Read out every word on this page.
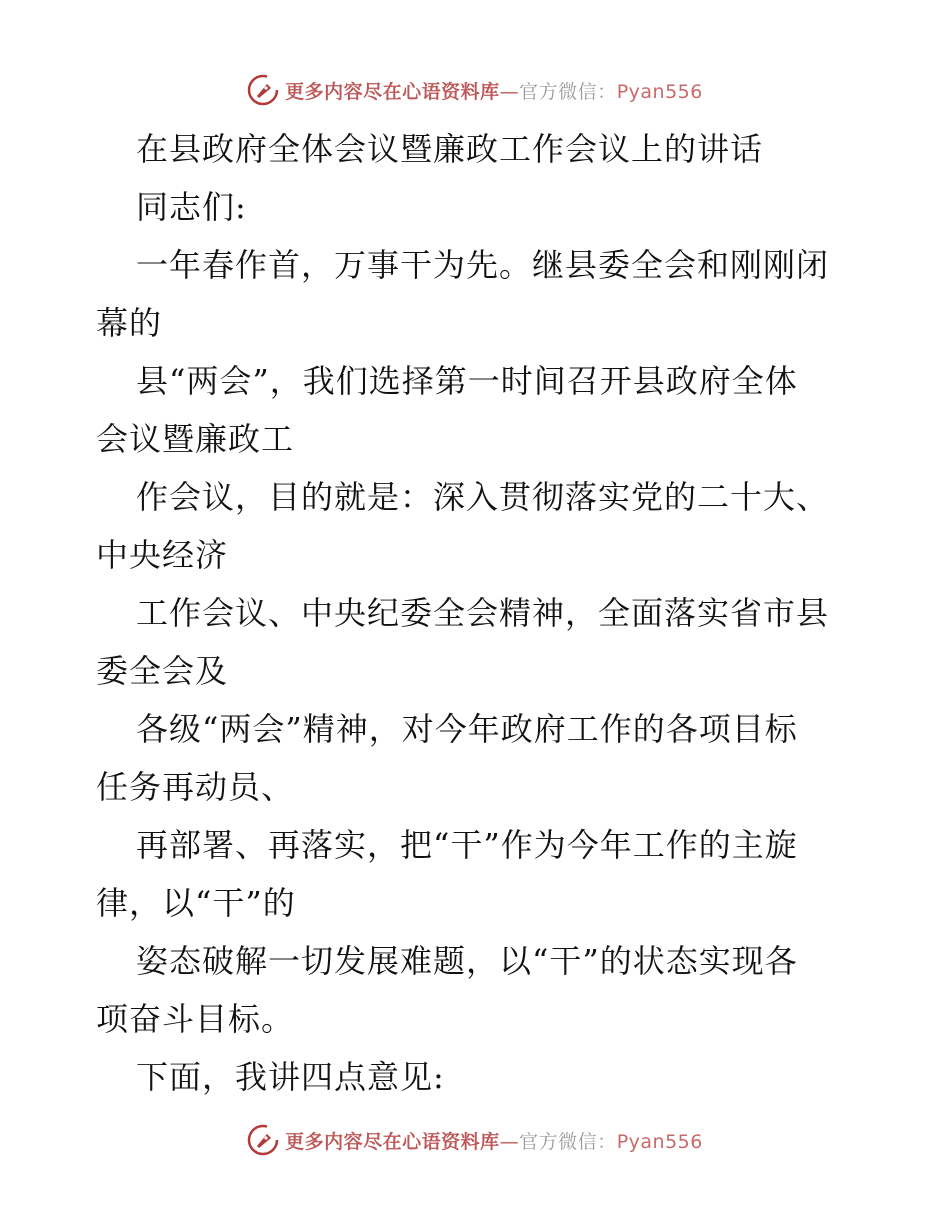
更多内容尽在心语资料库—官方微信：Pyan556
在县政府全体会议暨廉政工作会议上的讲话
同志们:
一年春作首，万事干为先。继县委全会和刚刚闭
幕的
县“两会”，我们选择第一时间召开县政府全体
会议暨廉政工
作会议，目的就是：深入贯彻落实党的二十大、
中央经济
工作会议、中央纪委全会精神，全面落实省市县
委全会及
各级“两会”精神，对今年政府工作的各项目标
任务再动员、
再部署、再落实，把“干”作为今年工作的主旋
律，以“干”的
姿态破解一切发展难题，以“干”的状态实现各
项奋斗目标。
下面，我讲四点意见:
更多内容尽在心语资料库—官方微信：Pyan556
